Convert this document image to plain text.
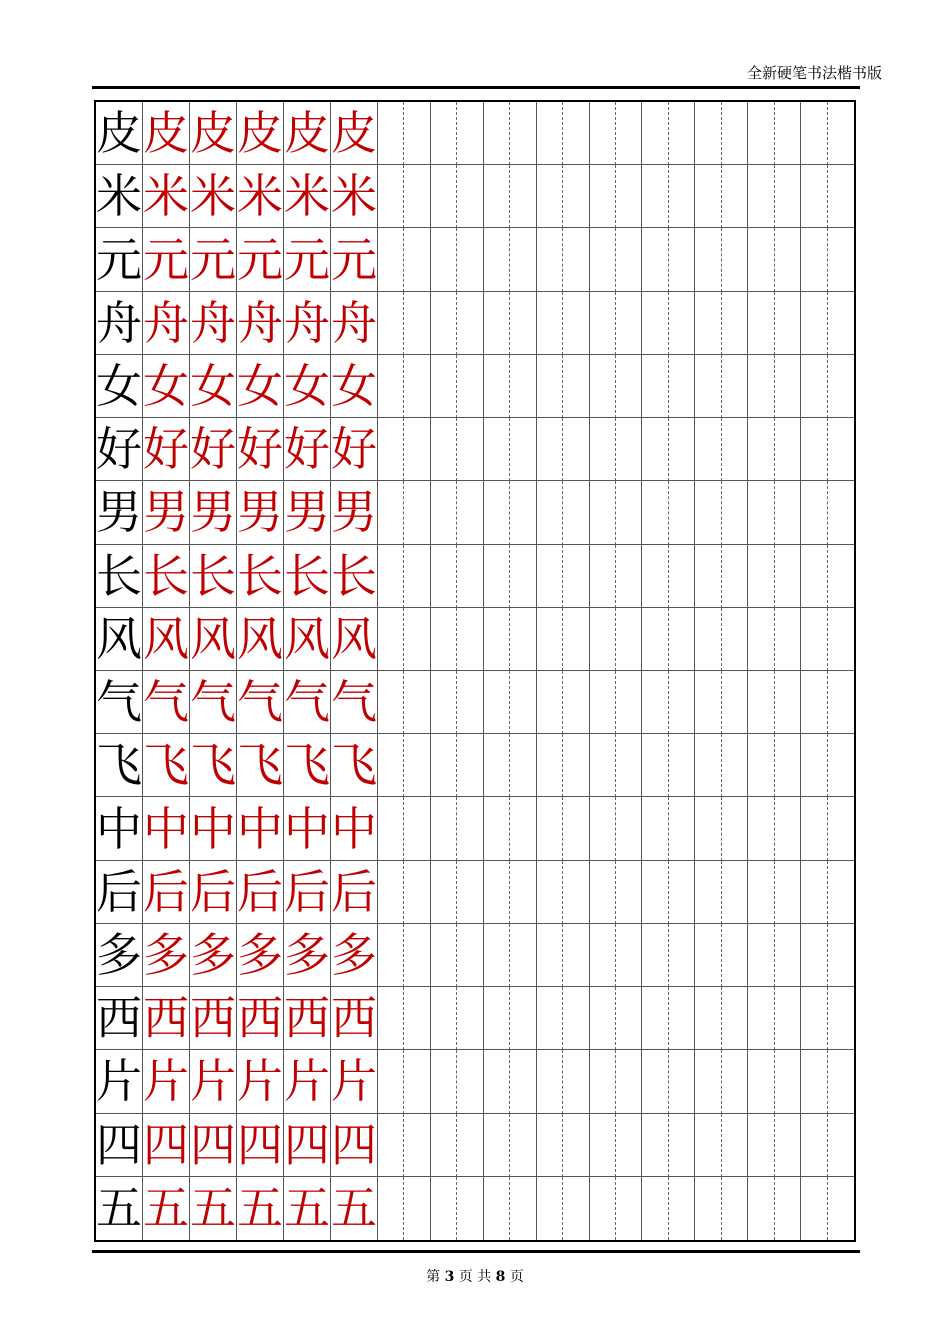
全新硬笔书法楷书版
皮 皮 皮 皮 皮 皮
米 米 米 米 米 米
元 元 元 元 元 元
舟 舟 舟 舟 舟 舟
女 女 女 女 女 女
好 好 好 好 好 好
男 男 男 男 男 男
长 长 长 长 长 长
风 风 风 风 风 风
气 气 气 气 气 气
飞 飞 飞 飞 飞 飞
中 中 中 中 中 中
后 后 后 后 后 后
多 多 多 多 多 多
西 西 西 西 西 西
片 片 片 片 片 片
四 四 四 四 四 四
五 五 五 五 五 五
第 3 页 共 8 页
